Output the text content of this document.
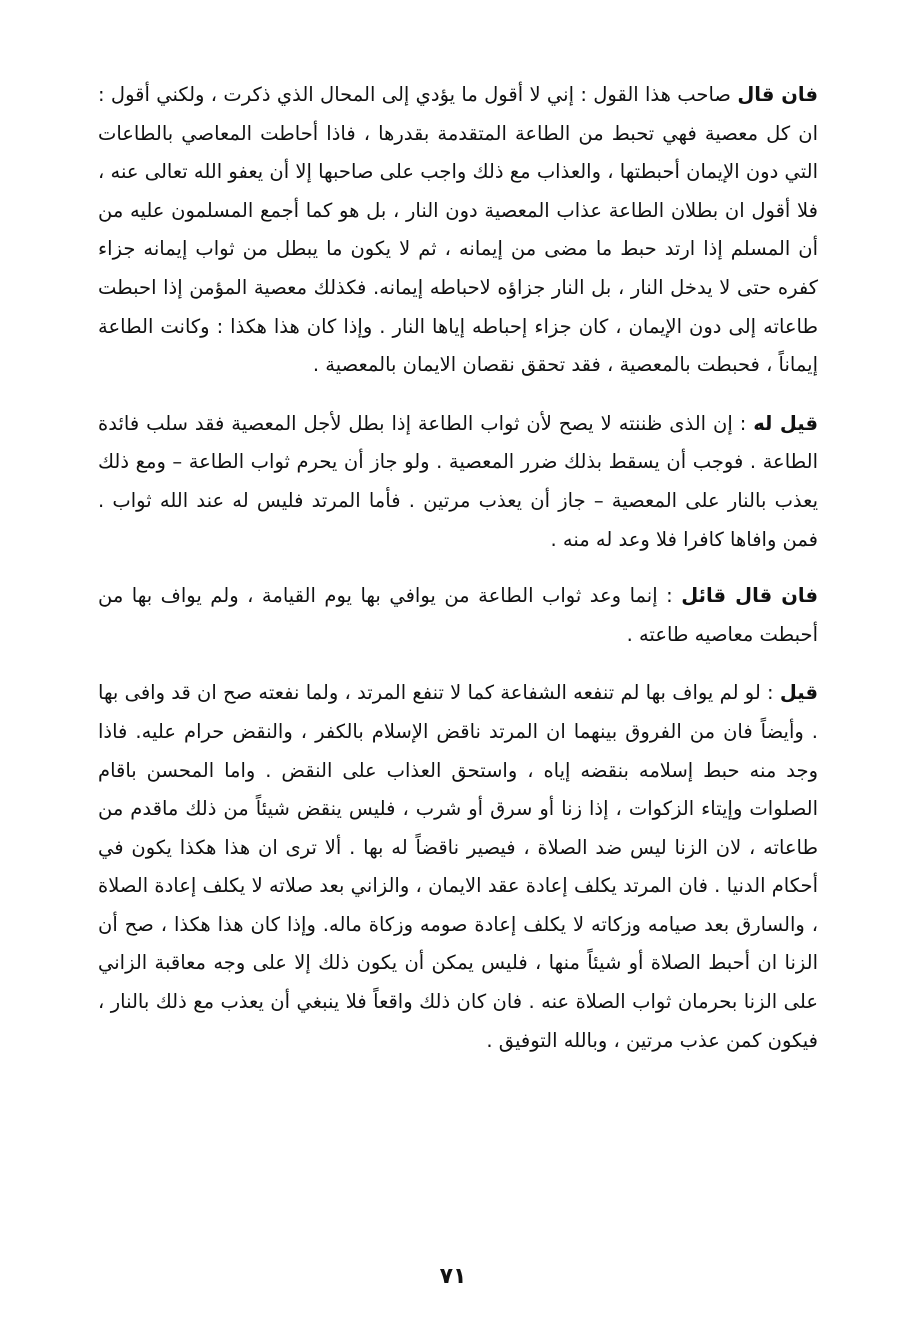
فان قال صاحب هذا القول : إني لا أقول ما يؤدي إلى المحال الذي ذكرت ، ولكني أقول : ان كل معصية فهي تحبط من الطاعة المتقدمة بقدرها ، فاذا أحاطت المعاصي بالطاعات التي دون الإيمان أحبطتها ، والعذاب مع ذلك واجب على صاحبها إلا أن يعفو الله تعالى عنه ، فلا أقول ان بطلان الطاعة عذاب المعصية دون النار ، بل هو كما أجمع المسلمون عليه من أن المسلم إذا ارتد حبط ما مضى من إيمانه ، ثم لا يكون ما يبطل من ثواب إيمانه جزاء كفره حتى لا يدخل النار ، بل النار جزاؤه لاحباطه إيمانه. فكذلك معصية المؤمن إذا احبطت طاعاته إلى دون الإيمان ، كان جزاء إحباطه إياها النار . وإذا كان هذا هكذا : وكانت الطاعة إيماناً ، فحبطت بالمعصية ، فقد تحقق نقصان الايمان بالمعصية .

قيل له : إن الذى ظننته لا يصح لأن ثواب الطاعة إذا بطل لأجل المعصية فقد سلب فائدة الطاعة . فوجب أن يسقط بذلك ضرر المعصية . ولو جاز أن يحرم ثواب الطاعة – ومع ذلك يعذب بالنار على المعصية – جاز أن يعذب مرتين . فأما المرتد فليس له عند الله ثواب . فمن وافاها كافرا فلا وعد له منه .

فان قال قائل : إنما وعد ثواب الطاعة من يوافي بها يوم القيامة ، ولم يواف بها من أحبطت معاصيه طاعته .

قيل : لو لم يواف بها لم تنفعه الشفاعة كما لا تنفع المرتد ، ولما نفعته صح ان قد وافى بها . وأيضاً فان من الفروق بينهما ان المرتد ناقض الإسلام بالكفر ، والنقض حرام عليه. فاذا وجد منه حبط إسلامه بنقضه إياه ، واستحق العذاب على النقض . واما المحسن باقام الصلوات وإيتاء الزكوات ، إذا زنا أو سرق أو شرب ، فليس ينقض شيئاً من ذلك ماقدم من طاعاته ، لان الزنا ليس ضد الصلاة ، فيصير ناقضاً له بها . ألا ترى ان هذا هكذا يكون في أحكام الدنيا . فان المرتد يكلف إعادة عقد الايمان ، والزاني بعد صلاته لا يكلف إعادة الصلاة ، والسارق بعد صيامه وزكاته لا يكلف إعادة صومه وزكاة ماله. وإذا كان هذا هكذا ، صح أن الزنا ان أحبط الصلاة أو شيئاً منها ، فليس يمكن أن يكون ذلك إلا على وجه معاقبة الزاني على الزنا بحرمان ثواب الصلاة عنه . فان كان ذلك واقعاً فلا ينبغي أن يعذب مع ذلك بالنار ، فيكون كمن عذب مرتين ، وبالله التوفيق .

٧١
